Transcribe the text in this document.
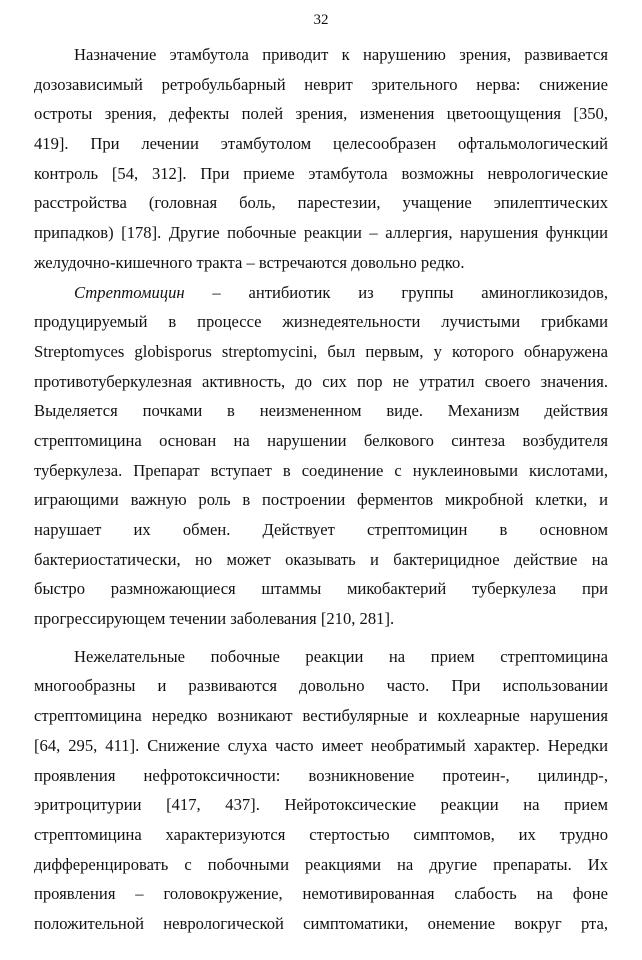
32
Назначение этамбутола приводит к нарушению зрения, развивается
дозозависимый ретробульбарный неврит зрительного нерва: снижение
остроты зрения, дефекты полей зрения, изменения цветоощущения [350,
419]. При лечении этамбутолом целесообразен офтальмологический
контроль [54, 312]. При приеме этамбутола возможны неврологические
расстройства (головная боль, парестезии, учащение эпилептических
припадков) [178]. Другие побочные реакции – аллергия, нарушения функции
желудочно-кишечного тракта – встречаются довольно редко.
Стрептомицин – антибиотик из группы аминогликозидов,
продуцируемый в процессе жизнедеятельности лучистыми грибками
Streptomyces globisporus streptomycini, был первым, у которого обнаружена
противотуберкулезная активность, до сих пор не утратил своего значения.
Выделяется почками в неизмененном виде. Механизм действия
стрептомицина основан на нарушении белкового синтеза возбудителя
туберкулеза. Препарат вступает в соединение с нуклеиновыми кислотами,
играющими важную роль в построении ферментов микробной клетки, и
нарушает их обмен. Действует стрептомицин в основном
бактериостатически, но может оказывать и бактерицидное действие на
быстро размножающиеся штаммы микобактерий туберкулеза при
прогрессирующем течении заболевания [210, 281].
Нежелательные побочные реакции на прием стрептомицина
многообразны и развиваются довольно часто. При использовании
стрептомицина нередко возникают вестибулярные и кохлеарные нарушения
[64, 295, 411]. Снижение слуха часто имеет необратимый характер. Нередки
проявления нефротоксичности: возникновение протеин-, цилиндр-,
эритроцитурии [417, 437]. Нейротоксические реакции на прием
стрептомицина характеризуются стертостью симптомов, их трудно
дифференцировать с побочными реакциями на другие препараты. Их
проявления – головокружение, немотивированная слабость на фоне
положительной неврологической симптоматики, онемение вокруг рта,
